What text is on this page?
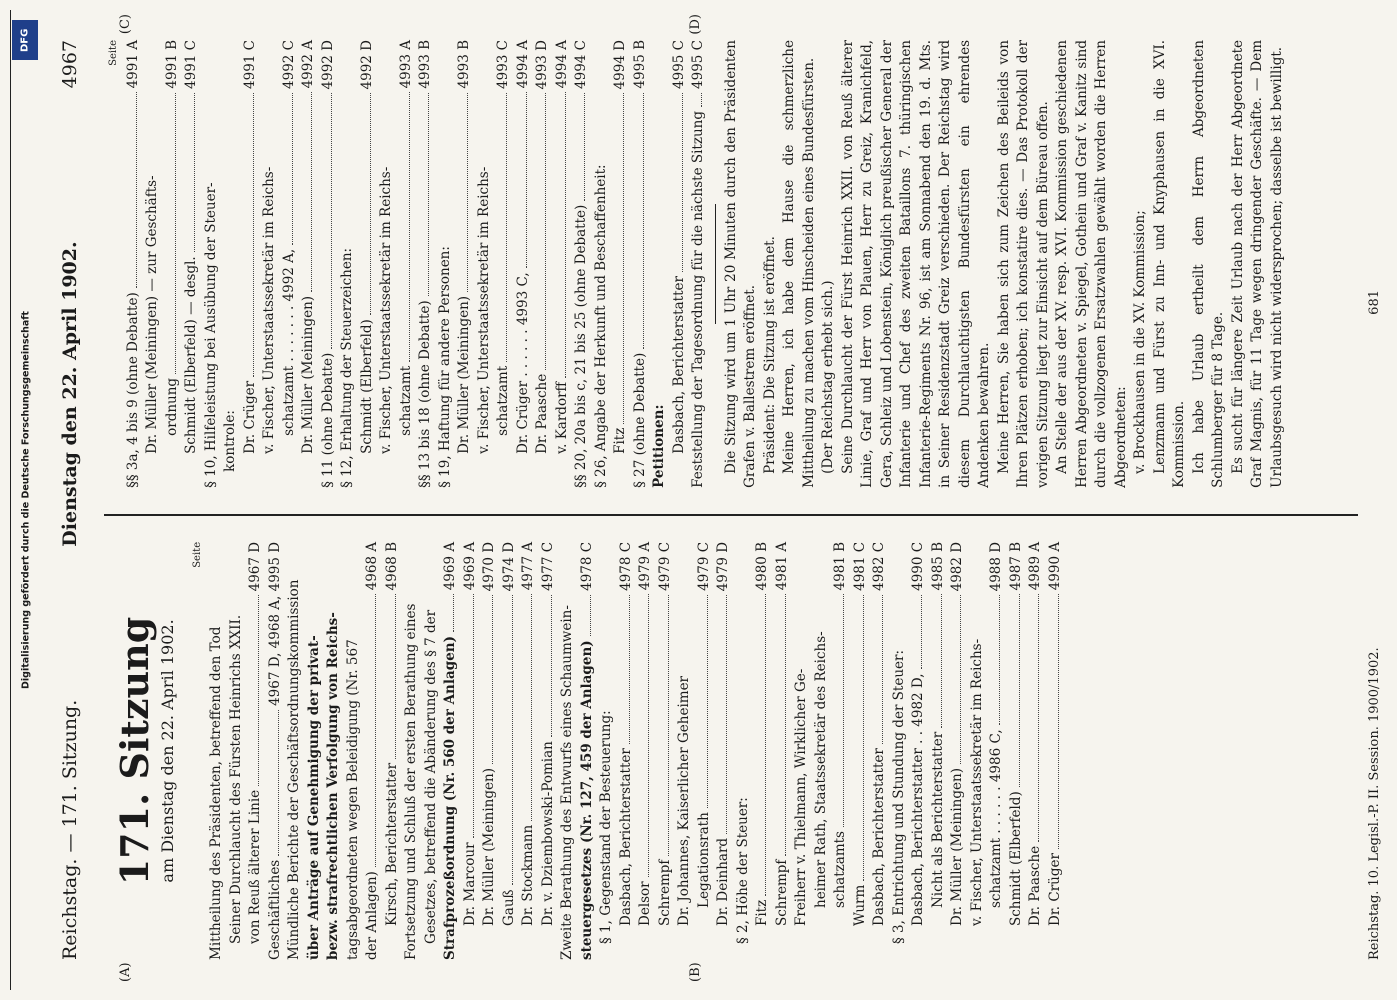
Digitalisierung gefördert durch die Deutsche Forschungsgemeinschaft
DFG
Reichstag. — 171. Sitzung.
Dienstag den 22. April 1902.
4967
171. Sitzung am Dienstag den 22. April 1902.
Seite
Mittheilung des Präsidenten, betreffend den Tod Seiner Durchlaucht des Fürsten Heinrichs XXII. von Reuß älterer Linie
4967 D
Geschäftliches
4967 D, 4968 A, 4995 D Mündliche Berichte der Geschäftsordnungskommission über Anträge auf Genehmigung der privat- bezw. strafrechtlichen Verfolgung von Reichs- tagsabgeordneten wegen Beleidigung (Nr. 567 der Anlagen)
4968 A
Kirsch, Berichterstatter
4968 B
Fortsetzung und Schluß der ersten Berathung eines Gesetzes, betreffend die Abänderung des § 7 der Strafprozeßordnung (Nr. 560 der Anlagen)
4969 A
Dr. Marcour
4969 A
Dr. Müller (Meiningen)
4970 D
Gauß
4974 D
Dr. Stockmann
4977 A
Dr. v. Dziembowski-Pomian
4977 C
Zweite Berathung des Entwurfs eines Schaumwein- steuergesetzes (Nr. 127, 459 der Anlagen)
4978 C
§ 1, Gegenstand der Besteuerung: Dasbach, Berichterstatter
4978 C
Delsor
4979 A
Schrempf
4979 C
Dr. Johannes, Kaiserlicher Geheimer Legationsrath
4979 C
Dr. Deinhard
4979 D
§ 2, Höhe der Steuer: Fitz
4980 B
Schrempf
4981 A
Freiherr v. Thielmann, Wirklicher Ge- heimer Rath, Staatssekretär des Reichs- schatzamts
4981 B
Wurm
4981 C
Dasbach, Berichterstatter
4982 C
§ 3, Entrichtung und Stundung der Steuer: Dasbach, Berichterstatter . . 4982 D,
4990 C
Nicht als Berichterstatter
4985 B
Dr. Müller (Meiningen)
4982 D
v. Fischer, Unterstaatssekretär im Reichs- schatzamt . . . . . . 4986 C,
4988 D
Schmidt (Elberfeld)
4987 B
Dr. Paasche
4989 A
Dr. Crüger
4990 A
Seite
§§ 3a, 4 bis 9 (ohne Debatte)
4991 A
Dr. Müller (Meiningen) — zur Geschäfts- ordnung
4991 B
Schmidt (Elberfeld) — desgl.
4991 C
§ 10, Hilfeleistung bei Ausübung der Steuer- kontrole: Dr. Crüger
4991 C
v. Fischer, Unterstaatssekretär im Reichs- schatzamt . . . . . . . 4992 A,
4992 C
Dr. Müller (Meiningen)
4992 A
§ 11 (ohne Debatte)
4992 D
§ 12, Erhaltung der Steuerzeichen: Schmidt (Elberfeld)
4992 D
v. Fischer, Unterstaatssekretär im Reichs- schatzamt
4993 A
§§ 13 bis 18 (ohne Debatte)
4993 B
§ 19, Haftung für andere Personen: Dr. Müller (Meiningen)
4993 B
v. Fischer, Unterstaatssekretär im Reichs- schatzamt
4993 C
Dr. Crüger . . . . . . 4993 C,
4994 A
Dr. Paasche
4993 D
v. Kardorff
4994 A
§§ 20, 20a bis c, 21 bis 25 (ohne Debatte)
4994 C
§ 26, Angabe der Herkunft und Beschaffenheit: Fitz
4994 D
§ 27 (ohne Debatte)
4995 B
Petitionen: Dasbach, Berichterstatter
4995 C
Feststellung der Tagesordnung für die nächste Sitzung
4995 C Die Sitzung wird um 1 Uhr 20 Minuten durch den Präsidenten Grafen v. Ballestrem eröffnet. Präsident: Die Sitzung ist eröffnet. Meine Herren, ich habe dem Hause die schmerzliche Mittheilung zu machen vom Hinscheiden eines Bundesfürsten. (Der Reichstag erhebt sich.) Seine Durchlaucht der Fürst Heinrich XXII. von Reuß älterer Linie, Graf und Herr von Plauen, Herr zu Greiz, Kranichfeld, Gera, Schleiz und Lobenstein, Königlich preußischer General der Infanterie und Chef des zweiten Bataillons 7. thüringischen Infanterie-Regiments Nr. 96, ist am Sonnabend den 19. d. Mts. in Seiner Residenzstadt Greiz verschieden. Der Reichstag wird diesem Durchlauchtigsten Bundesfürsten ein ehrendes Andenken bewahren. Meine Herren, Sie haben sich zum Zeichen des Beileids von Ihren Plätzen erhoben; ich konstatire dies. — Das Protokoll der vorigen Sitzung liegt zur Einsicht auf dem Büreau offen. An Stelle der aus der XV. resp. XVI. Kommission geschiedenen Herren Abgeordneten v. Spiegel, Gothein und Graf v. Kanitz sind durch die vollzogenen Ersatzwahlen gewählt worden die Herren Abgeordneten: v. Brockhausen in die XV. Kommission; Lenzmann und Fürst zu Inn- und Knyphausen in die XVI. Kommission. Ich habe Urlaub ertheilt dem Herrn Abgeordneten Schlumberger für 8 Tage. Es sucht für längere Zeit Urlaub nach der Herr Abgeordnete Graf Magnis, für 11 Tage wegen dringender Geschäfte. — Dem Urlaubsgesuch wird nicht widersprochen; dasselbe ist bewilligt.
Reichstag. 10. Legisl.-P. II. Session. 1900/1902.
681
(A)	(B)
(C)	(D)
